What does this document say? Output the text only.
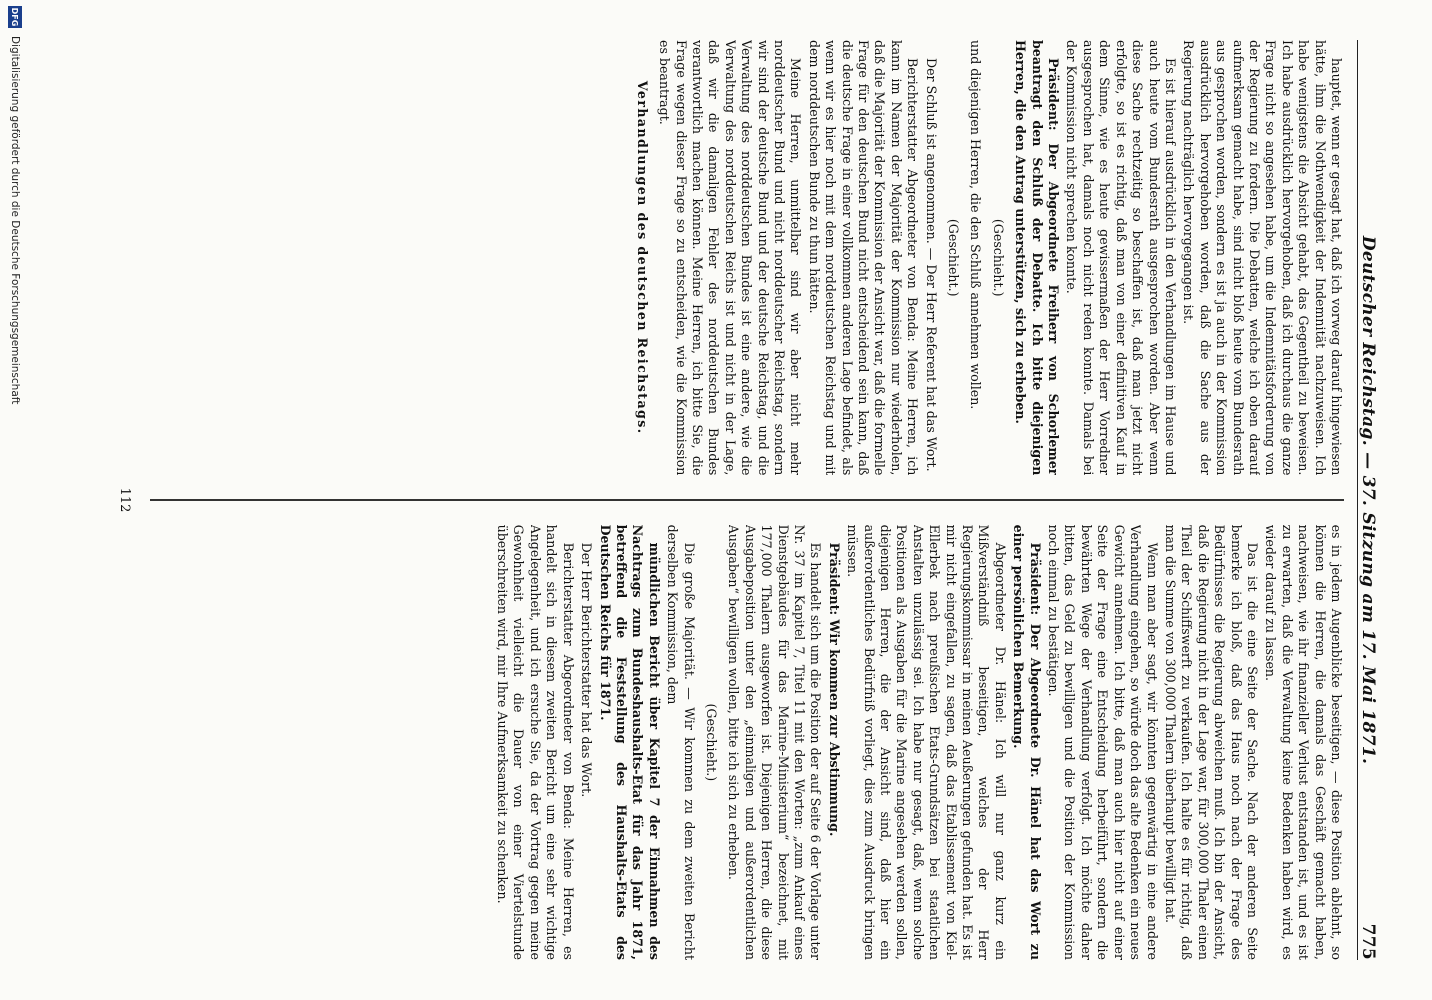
Deutscher Reichstag. — 37. Sitzung am 17. Mai 1871.
775

hauptet, wenn er gesagt hat, daß ich vorweg darauf hingewiesen hätte, ihm die Nothwendigkeit der Indemnität nachzuweisen. Ich habe wenigstens die Absicht gehabt, das Gegentheil zu beweisen. Ich habe ausdrücklich hervorgehoben, daß ich durchaus die ganze Frage nicht so angesehen habe, um die Indemnitätsforderung von der Regierung zu fordern. Die Debatten, welche ich oben darauf aufmerksam gemacht habe, sind nicht bloß heute vom Bundesrath aus gesprochen worden, sondern es ist ja auch in der Kommission ausdrücklich hervorgehoben worden, daß die Sache aus der Regierung nachträglich hervorgegangen ist.

Es ist hierauf ausdrücklich in den Verhandlungen im Hause und auch heute vom Bundesrath ausgesprochen worden. Aber wenn diese Sache rechtzeitig so beschaffen ist, daß man jetzt nicht erfolgte, so ist es richtig, daß man von einer definitiven Kauf in dem Sinne, wie es heute gewissermaßen der Herr Vorredner ausgesprochen hat, damals noch nicht reden konnte. Damals bei der Kommission nicht sprechen konnte.

Präsident: Der Abgeordnete Freiherr von Schorlemer beantragt den Schluß der Debatte. Ich bitte diejenigen Herren, die den Antrag unterstützen, sich zu erheben.

(Geschieht.)

und diejenigen Herren, die den Schluß annehmen wollen.

(Geschieht.)

Der Schluß ist angenommen. — Der Herr Referent hat das Wort.

Berichterstatter Abgeordneter von Benda: Meine Herren, ich kann im Namen der Majorität der Kommission nur wiederholen, daß die Majorität der Kommission der Ansicht war, daß die formelle Frage für den deutschen Bund nicht entscheidend sein kann, daß die deutsche Frage in einer vollkommen anderen Lage befindet, als wenn wir es hier noch mit dem norddeutschen Reichstag und mit dem norddeutschen Bunde zu thun hätten.

Meine Herren, unmittelbar sind wir aber nicht mehr norddeutscher Bund und nicht norddeutscher Reichstag, sondern wir sind der deutsche Bund und der deutsche Reichstag, und die Verwaltung des norddeutschen Bundes ist eine andere, wie die Verwaltung des norddeutschen Reichs ist und nicht in der Lage, daß wir die damaligen Fehler des norddeutschen Bundes verantwortlich machen können. Meine Herren, ich bitte Sie, die Frage wegen dieser Frage so zu entscheiden, wie die Kommission es beantragt.

Verhandlungen des deutschen Reichstags.

es in jedem Augenblicke beseitigen, — diese Position ablehnt, so können die Herren, die damals das Geschäft gemacht haben, nachweisen, wie ihr finanzieller Verlust entstanden ist, und es ist zu erwarten, daß die Verwaltung keine Bedenken haben wird, es wieder darauf zu lassen.

Das ist die eine Seite der Sache. Nach der anderen Seite bemerke ich bloß, daß das Haus noch nach der Frage des Bedürfnisses die Regierung abweichen muß. Ich bin der Ansicht, daß die Regierung nicht in der Lage war, für 300,000 Thaler einen Theil der Schiffswerft zu verkaufen. Ich halte es für richtig, daß man die Summe von 300,000 Thalern überhaupt bewilligt hat.

Wenn man aber sagt, wir könnten gegenwärtig in eine andere Verhandlung eingehen, so würde doch das alte Bedenken ein neues Gewicht annehmen. Ich bitte, daß man auch hier nicht auf einer Seite der Frage eine Entscheidung herbeiführt, sondern die bewährten Wege der Verhandlung verfolgt. Ich möchte daher bitten, das Geld zu bewilligen und die Position der Kommission noch einmal zu bestätigen.

Präsident: Der Abgeordnete Dr. Hänel hat das Wort zu einer persönlichen Bemerkung.

Abgeordneter Dr. Hänel: Ich will nur ganz kurz ein Mißverständniß beseitigen, welches der Herr Regierungskommissar in meinen Aeußerungen gefunden hat. Es ist mir nicht eingefallen, zu sagen, daß das Etablissement von Kiel-Ellerbek nach preußischen Etats-Grundsätzen bei staatlichen Anstalten unzulässig sei. Ich habe nur gesagt, daß, wenn solche Positionen als Ausgaben für die Marine angesehen werden sollen, diejenigen Herren, die der Ansicht sind, daß hier ein außerordentliches Bedürfniß vorliegt, dies zum Ausdruck bringen müssen.

Präsident: Wir kommen zur Abstimmung.

Es handelt sich um die Position der auf Seite 6 der Vorlage unter Nr. 37 im Kapitel 7, Titel 11 mit den Worten: „zum Ankauf eines Dienstgebäudes für das Marine-Ministerium“ bezeichnet, mit 177,000 Thalern ausgeworfen ist. Diejenigen Herren, die diese Ausgabeposition unter den „einmaligen und außerordentlichen Ausgaben“ bewilligen wollen, bitte ich sich zu erheben.

(Geschieht.)

Die große Majorität. — Wir kommen zu dem zweiten Bericht derselben Kommission, dem

mündlichen Bericht über Kapitel 7 der Einnahmen des Nachtrags zum Bundeshaushalts-Etat für das Jahr 1871, betreffend die Feststellung des Haushalts-Etats des Deutschen Reichs für 1871.

Der Herr Berichterstatter hat das Wort.

Berichterstatter Abgeordneter von Benda: Meine Herren, es handelt sich in diesem zweiten Bericht um eine sehr wichtige Angelegenheit, und ich ersuche Sie, da der Vortrag gegen meine Gewohnheit vielleicht die Dauer von einer Viertelstunde überschreiten wird, mir Ihre Aufmerksamkeit zu schenken.

112
DFG
Digitalisierung gefördert durch die Deutsche Forschungsgemeinschaft
